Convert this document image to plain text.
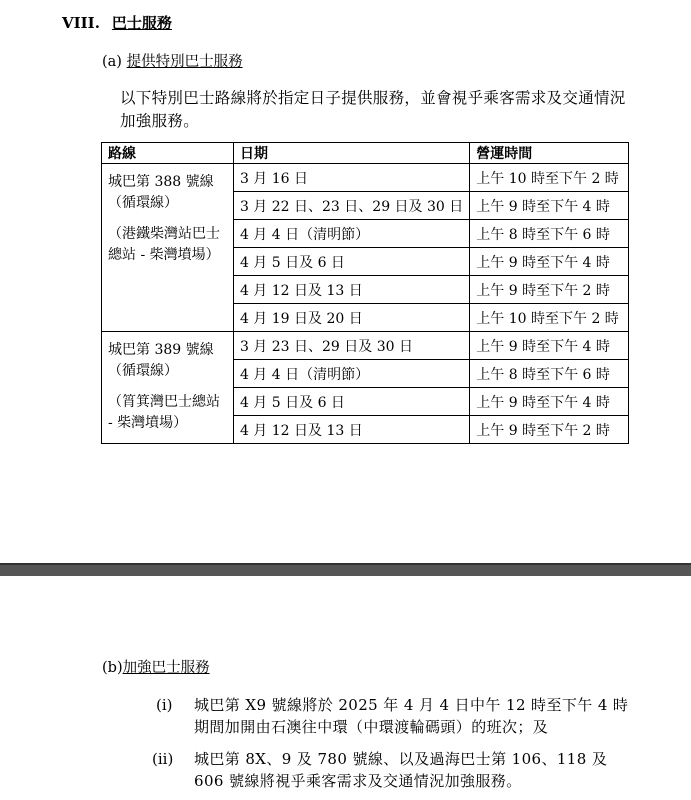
VIII. 巴士服務
(a) 提供特別巴士服務
以下特別巴士路線將於指定日子提供服務，並會視乎乘客需求及交通情況加強服務。
路線	日期	營運時間

城巴第 388 號線
（循環線）
（港鐵柴灣站巴士總站 - 柴灣墳場）	3 月 16 日	上午 10 時至下午 2 時
	3 月 22 日、23 日、29 日及 30 日	上午 9 時至下午 4 時
	4 月 4 日（清明節）	上午 8 時至下午 6 時
	4 月 5 日及 6 日	上午 9 時至下午 4 時
	4 月 12 日及 13 日	上午 9 時至下午 2 時
	4 月 19 日及 20 日	上午 10 時至下午 2 時

城巴第 389 號線
（循環線）
（筲箕灣巴士總站 - 柴灣墳場）	3 月 23 日、29 日及 30 日	上午 9 時至下午 4 時
	4 月 4 日（清明節）	上午 8 時至下午 6 時
	4 月 5 日及 6 日	上午 9 時至下午 4 時
	4 月 12 日及 13 日	上午 9 時至下午 2 時
(b)加強巴士服務
(i) 城巴第 X9 號線將於 2025 年 4 月 4 日中午 12 時至下午 4 時期間加開由石澳往中環（中環渡輪碼頭）的班次；及
(ii) 城巴第 8X、9 及 780 號線、以及過海巴士第 106、118 及 606 號線將視乎乘客需求及交通情況加強服務。
